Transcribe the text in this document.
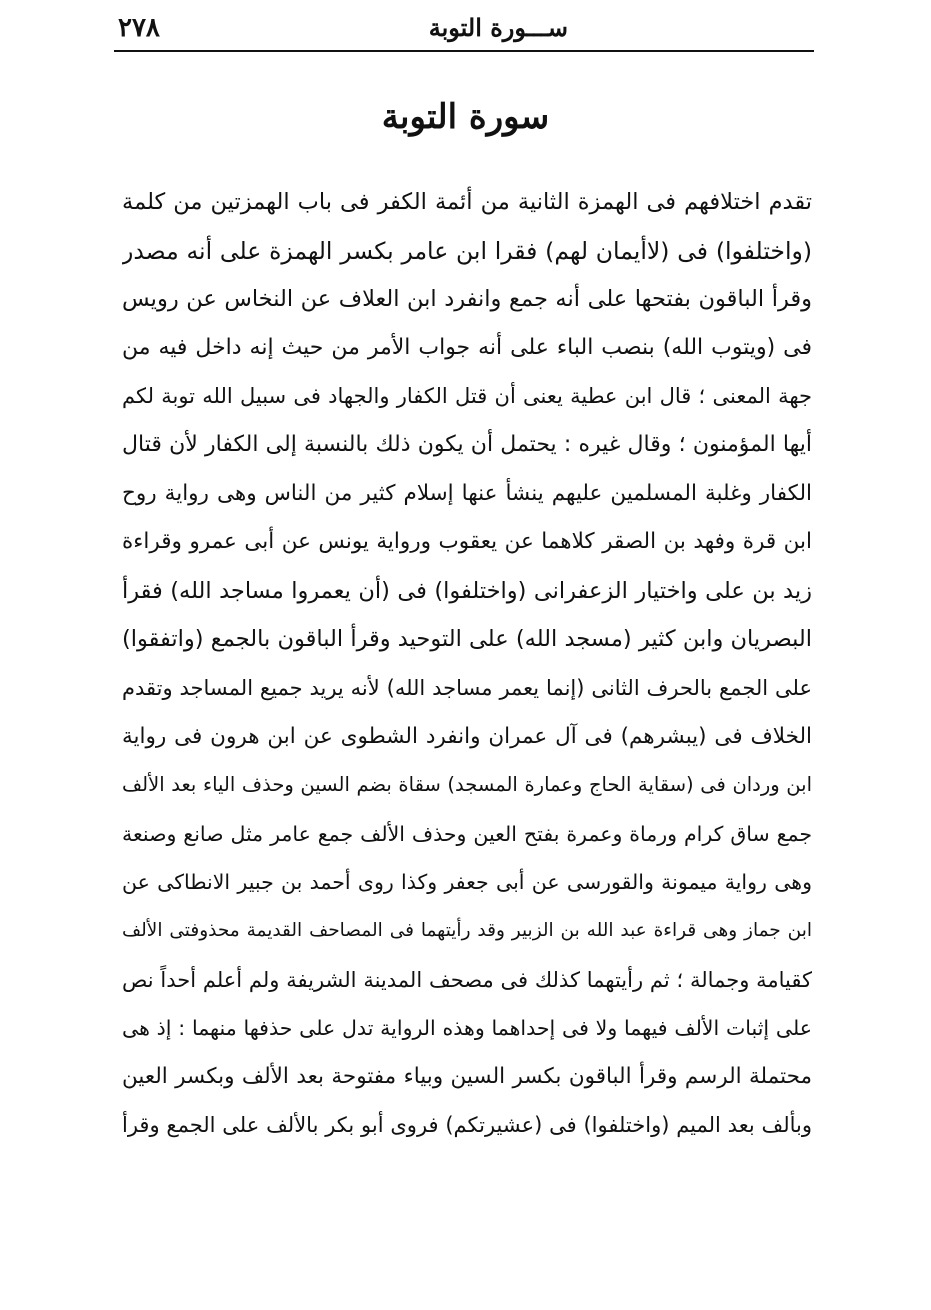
٢٧٨	ســـورة التوبة
سورة التوبة
تقدم اختلافهم فى الهمزة الثانية من أئمة الكفر فى باب الهمزتين من كلمة
(واختلفوا) فى (لاأيمان لهم) فقرا ابن عامر بكسر الهمزة على أنه مصدر
وقرأ الباقون بفتحها على أنه جمع وانفرد ابن العلاف عن النخاس عن رويس
فى (ويتوب الله) بنصب الباء على أنه جواب الأمر من حيث إنه داخل فيه من
جهة المعنى ؛ قال ابن عطية يعنى أن قتل الكفار والجهاد فى سبيل الله توبة لكم
أيها المؤمنون ؛ وقال غيره : يحتمل أن يكون ذلك بالنسبة إلى الكفار لأن قتال
الكفار وغلبة المسلمين عليهم ينشأ عنها إسلام كثير من الناس وهى رواية روح
ابن قرة وفهد بن الصقر كلاهما عن يعقوب ورواية يونس عن أبى عمرو وقراءة
زيد بن على واختيار الزعفرانى (واختلفوا) فى (أن يعمروا مساجد الله) فقرأ
البصريان وابن كثير (مسجد الله) على التوحيد وقرأ الباقون بالجمع (واتفقوا)
على الجمع بالحرف الثانى (إنما يعمر مساجد الله) لأنه يريد جميع المساجد وتقدم
الخلاف فى (يبشرهم) فى آل عمران وانفرد الشطوى عن ابن هرون فى رواية
ابن وردان فى (سقاية الحاج وعمارة المسجد) سقاة بضم السين وحذف الياء بعد الألف
جمع ساق كرام ورماة وعمرة بفتح العين وحذف الألف جمع عامر مثل صانع وصنعة
وهى رواية ميمونة والقورسى عن أبى جعفر وكذا روى أحمد بن جبير الانطاكى عن
ابن جماز وهى قراءة عبد الله بن الزبير وقد رأيتهما فى المصاحف القديمة محذوفتى الألف
كقيامة وجمالة ؛ ثم رأيتهما كذلك فى مصحف المدينة الشريفة ولم أعلم أحداً نص
على إثبات الألف فيهما ولا فى إحداهما وهذه الرواية تدل على حذفها منهما : إذ هى
محتملة الرسم وقرأ الباقون بكسر السين وبياء مفتوحة بعد الألف وبكسر العين
وبألف بعد الميم (واختلفوا) فى (عشيرتكم) فروى أبو بكر بالألف على الجمع وقرأ
